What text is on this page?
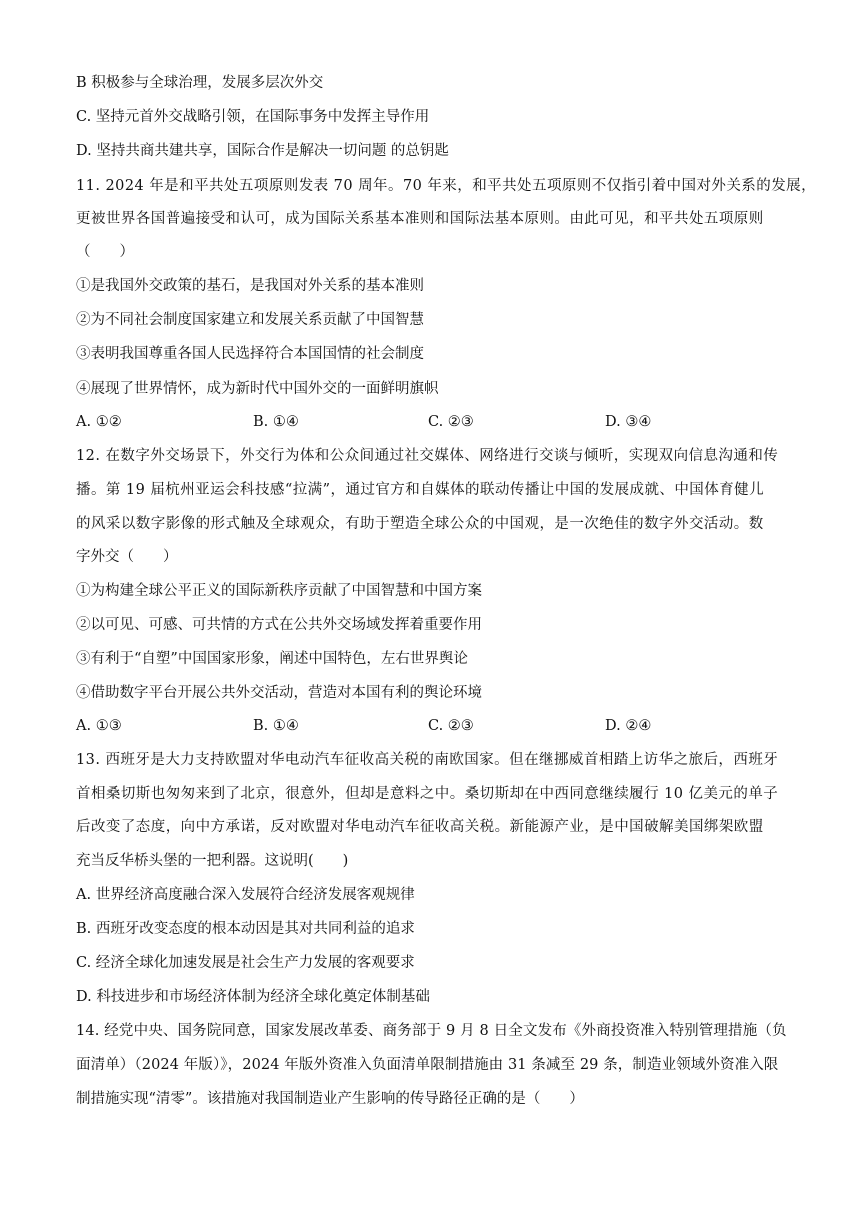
B 积极参与全球治理，发展多层次外交
C. 坚持元首外交战略引领，在国际事务中发挥主导作用
D. 坚持共商共建共享，国际合作是解决一切问题 的总钥匙
11. 2024 年是和平共处五项原则发表 70 周年。70 年来，和平共处五项原则不仅指引着中国对外关系的发展，
更被世界各国普遍接受和认可，成为国际关系基本准则和国际法基本原则。由此可见，和平共处五项原则
（　　）
①是我国外交政策的基石，是我国对外关系的基本准则
②为不同社会制度国家建立和发展关系贡献了中国智慧
③表明我国尊重各国人民选择符合本国国情的社会制度
④展现了世界情怀，成为新时代中国外交的一面鲜明旗帜
A. ①②	B. ①④	C. ②③	D. ③④
12. 在数字外交场景下，外交行为体和公众间通过社交媒体、网络进行交谈与倾听，实现双向信息沟通和传
播。第 19 届杭州亚运会科技感“拉满”，通过官方和自媒体的联动传播让中国的发展成就、中国体育健儿
的风采以数字影像的形式触及全球观众，有助于塑造全球公众的中国观，是一次绝佳的数字外交活动。数
字外交（　　）
①为构建全球公平正义的国际新秩序贡献了中国智慧和中国方案
②以可见、可感、可共情的方式在公共外交场域发挥着重要作用
③有利于“自塑”中国国家形象，阐述中国特色，左右世界舆论
④借助数字平台开展公共外交活动，营造对本国有利的舆论环境
A. ①③	B. ①④	C. ②③	D. ②④
13. 西班牙是大力支持欧盟对华电动汽车征收高关税的南欧国家。但在继挪威首相踏上访华之旅后，西班牙
首相桑切斯也匆匆来到了北京，很意外，但却是意料之中。桑切斯却在中西同意继续履行 10 亿美元的单子
后改变了态度，向中方承诺，反对欧盟对华电动汽车征收高关税。新能源产业，是中国破解美国绑架欧盟
充当反华桥头堡的一把利器。这说明(　　)
A. 世界经济高度融合深入发展符合经济发展客观规律
B. 西班牙改变态度的根本动因是其对共同利益的追求
C. 经济全球化加速发展是社会生产力发展的客观要求
D. 科技进步和市场经济体制为经济全球化奠定体制基础
14. 经党中央、国务院同意，国家发展改革委、商务部于 9 月 8 日全文发布《外商投资准入特别管理措施（负
面清单）（2024 年版）》，2024 年版外资准入负面清单限制措施由 31 条减至 29 条，制造业领域外资准入限
制措施实现“清零”。该措施对我国制造业产生影响的传导路径正确的是（　　）
